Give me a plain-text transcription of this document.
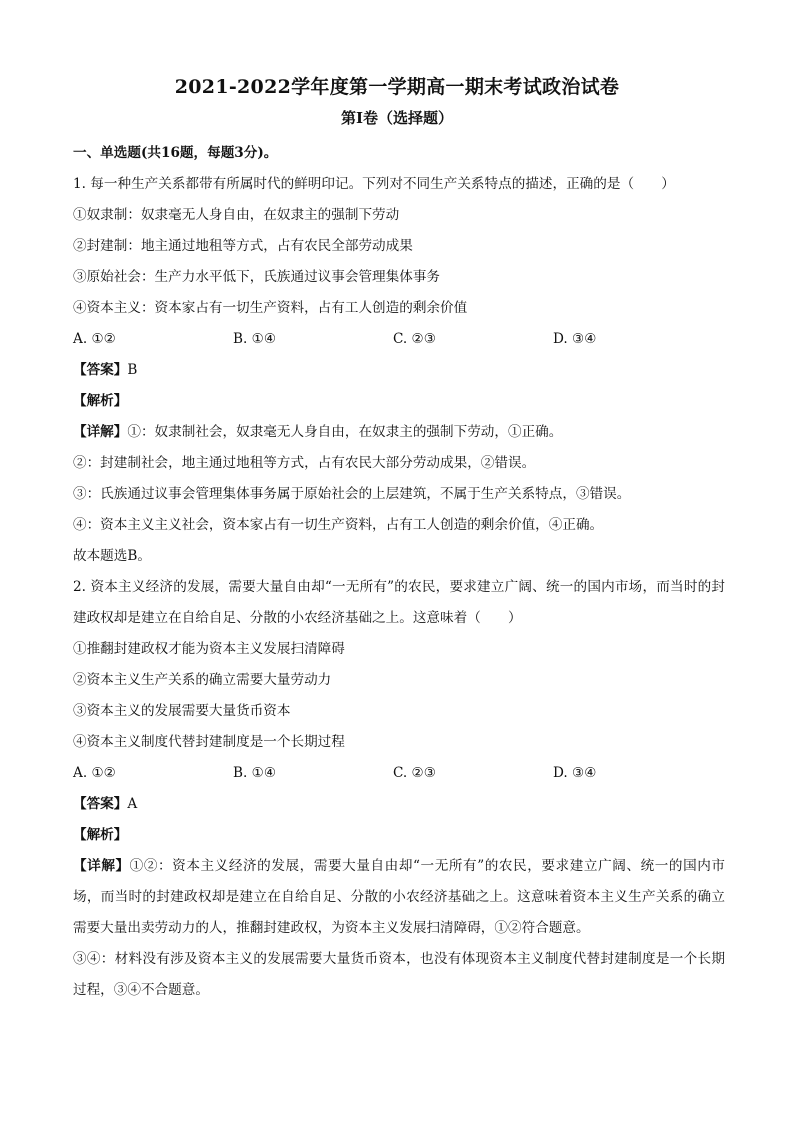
2021-2022学年度第一学期高一期末考试政治试卷
第I卷（选择题）
一、单选题(共16题，每题3分)。
1. 每一种生产关系都带有所属时代的鲜明印记。下列对不同生产关系特点的描述，正确的是（　　）
①奴隶制：奴隶毫无人身自由，在奴隶主的强制下劳动
②封建制：地主通过地租等方式，占有农民全部劳动成果
③原始社会：生产力水平低下，氏族通过议事会管理集体事务
④资本主义：资本家占有一切生产资料，占有工人创造的剩余价值
A. ①②	B. ①④	C. ②③	D. ③④
【答案】B
【解析】
【详解】①：奴隶制社会，奴隶毫无人身自由，在奴隶主的强制下劳动，①正确。
②：封建制社会，地主通过地租等方式，占有农民大部分劳动成果，②错误。
③：氏族通过议事会管理集体事务属于原始社会的上层建筑，不属于生产关系特点，③错误。
④：资本主义主义社会，资本家占有一切生产资料，占有工人创造的剩余价值，④正确。
故本题选B。
2. 资本主义经济的发展，需要大量自由却“一无所有”的农民，要求建立广阔、统一的国内市场，而当时的封建政权却是建立在自给自足、分散的小农经济基础之上。这意味着（　　）
①推翻封建政权才能为资本主义发展扫清障碍
②资本主义生产关系的确立需要大量劳动力
③资本主义的发展需要大量货币资本
④资本主义制度代替封建制度是一个长期过程
A. ①②	B. ①④	C. ②③	D. ③④
【答案】A
【解析】
【详解】①②：资本主义经济的发展，需要大量自由却“一无所有”的农民，要求建立广阔、统一的国内市场，而当时的封建政权却是建立在自给自足、分散的小农经济基础之上。这意味着资本主义生产关系的确立需要大量出卖劳动力的人，推翻封建政权，为资本主义发展扫清障碍，①②符合题意。
③④：材料没有涉及资本主义的发展需要大量货币资本，也没有体现资本主义制度代替封建制度是一个长期过程，③④不合题意。
